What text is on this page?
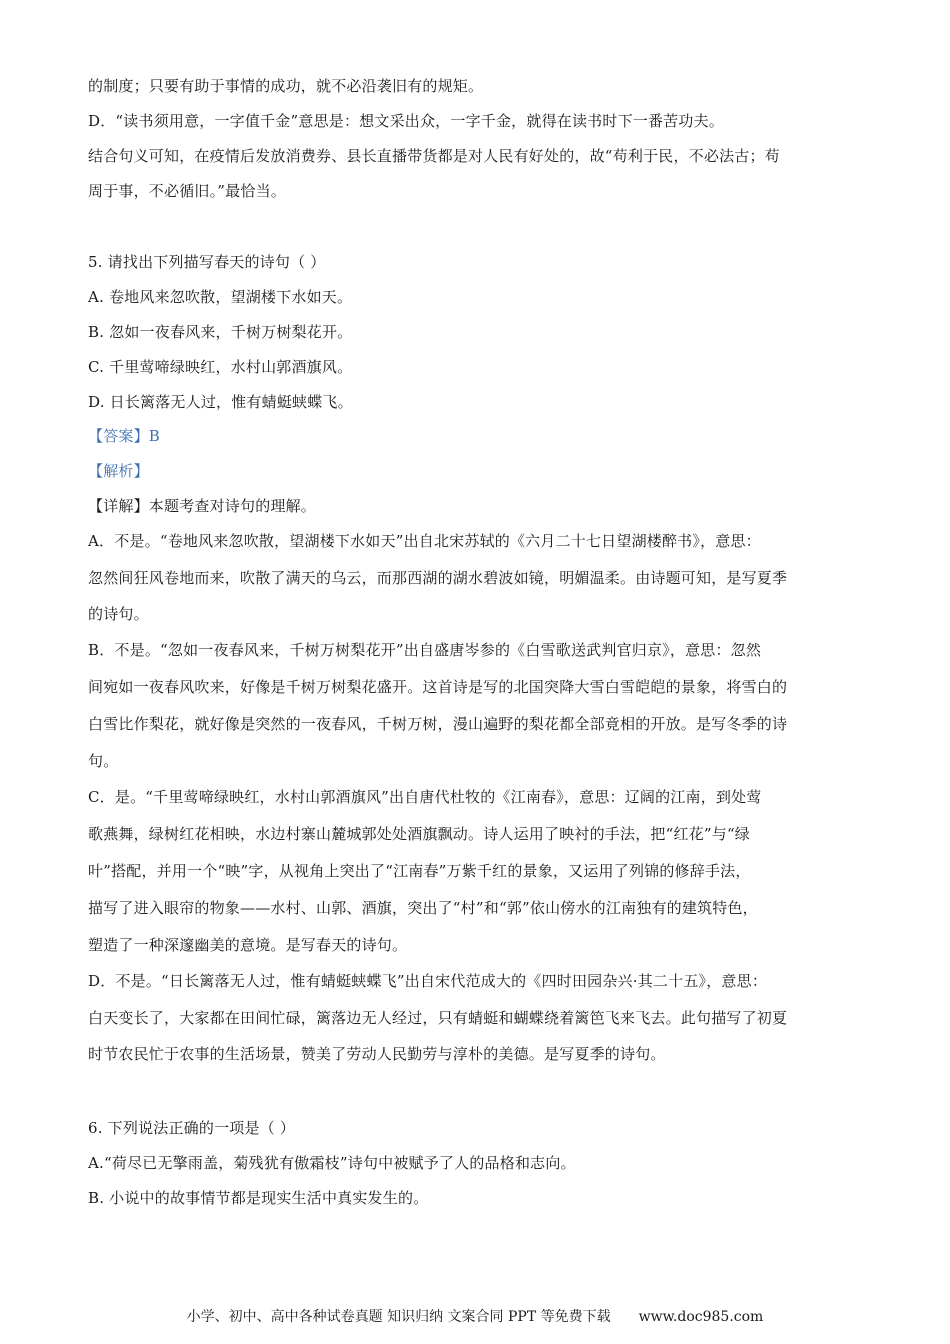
的制度；只要有助于事情的成功，就不必沿袭旧有的规矩。
D．“读书须用意，一字值千金”意思是：想文采出众，一字千金，就得在读书时下一番苦功夫。
结合句义可知，在疫情后发放消费券、县长直播带货都是对人民有好处的，故“苟利于民，不必法古；苟
周于事，不必循旧。”最恰当。
5. 请找出下列描写春天的诗句（ ）
A. 卷地风来忽吹散，望湖楼下水如天。
B. 忽如一夜春风来，千树万树梨花开。
C. 千里莺啼绿映红，水村山郭酒旗风。
D. 日长篱落无人过，惟有蜻蜓蛱蝶飞。
【答案】B
【解析】
【详解】本题考查对诗句的理解。
A．不是。“卷地风来忽吹散，望湖楼下水如天”出自北宋苏轼的《六月二十七日望湖楼醉书》，意思：
忽然间狂风卷地而来，吹散了满天的乌云，而那西湖的湖水碧波如镜，明媚温柔。由诗题可知，是写夏季
的诗句。
B．不是。“忽如一夜春风来，千树万树梨花开”出自盛唐岑参的《白雪歌送武判官归京》，意思：忽然
间宛如一夜春风吹来，好像是千树万树梨花盛开。这首诗是写的北国突降大雪白雪皑皑的景象，将雪白的
白雪比作梨花，就好像是突然的一夜春风，千树万树，漫山遍野的梨花都全部竟相的开放。是写冬季的诗
句。
C．是。“千里莺啼绿映红，水村山郭酒旗风”出自唐代杜牧的《江南春》，意思：辽阔的江南，到处莺
歌燕舞，绿树红花相映，水边村寨山麓城郭处处酒旗飘动。诗人运用了映衬的手法，把“红花”与“绿
叶”搭配，并用一个“映”字，从视角上突出了“江南春”万紫千红的景象，又运用了列锦的修辞手法，
描写了进入眼帘的物象——水村、山郭、酒旗，突出了“村”和“郭”依山傍水的江南独有的建筑特色，
塑造了一种深邃幽美的意境。是写春天的诗句。
D．不是。“日长篱落无人过，惟有蜻蜓蛱蝶飞”出自宋代范成大的《四时田园杂兴·其二十五》，意思：
白天变长了，大家都在田间忙碌，篱落边无人经过，只有蜻蜓和蝴蝶绕着篱笆飞来飞去。此句描写了初夏
时节农民忙于农事的生活场景，赞美了劳动人民勤劳与淳朴的美德。是写夏季的诗句。
6. 下列说法正确的一项是（ ）
A.“荷尽已无擎雨盖，菊残犹有傲霜枝”诗句中被赋予了人的品格和志向。
B. 小说中的故事情节都是现实生活中真实发生的。
小学、初中、高中各种试卷真题 知识归纳 文案合同 PPT 等免费下载 www.doc985.com
